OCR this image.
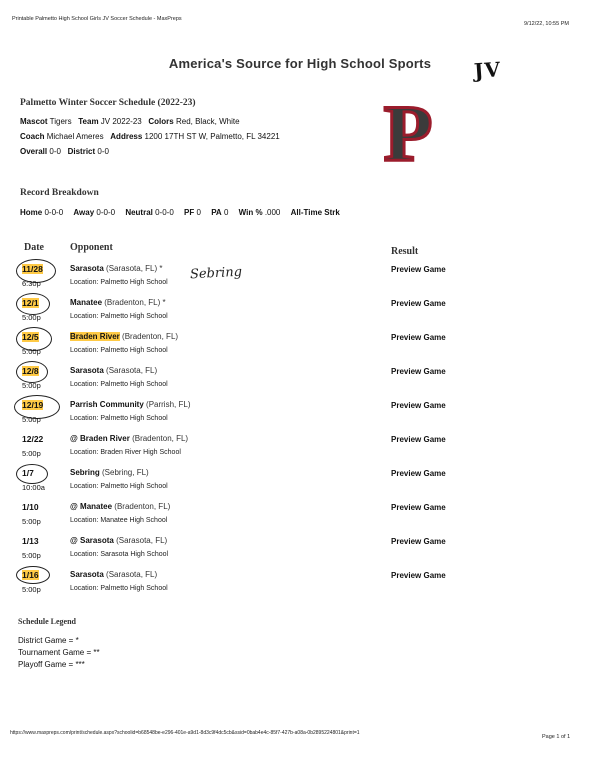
Printable Palmetto High School Girls JV Soccer Schedule - MaxPreps
9/12/22, 10:55 PM
America's Source for High School Sports	JV
Palmetto Winter Soccer Schedule (2022-23)
Mascot Tigers Team JV 2022-23 Colors Red, Black, White
Coach Michael Ameres Address 1200 17TH ST W, Palmetto, FL 34221
Overall 0-0 District 0-0	P
Record Breakdown
Home 0-0-0 Away 0-0-0 Neutral 0-0-0 PF 0 PA 0 Win % .000 All-Time Strk
Date	Opponent	Result
Sebring
11/28
6:30p
Sarasota (Sarasota, FL) *
Location: Palmetto High School
Preview Game
12/1
5:00p
Manatee (Bradenton, FL) *
Location: Palmetto High School
Preview Game
12/5
5:00p
Braden River (Bradenton, FL)
Location: Palmetto High School
Preview Game
12/8
5:00p
Sarasota (Sarasota, FL)
Location: Palmetto High School
Preview Game
12/19
5:00p
Parrish Community (Parrish, FL)
Location: Palmetto High School
Preview Game
12/22
5:00p
@ Braden River (Bradenton, FL)
Location: Braden River High School
Preview Game
1/7
10:00a
Sebring (Sebring, FL)
Location: Palmetto High School
Preview Game
1/10
5:00p
@ Manatee (Bradenton, FL)
Location: Manatee High School
Preview Game
1/13
5:00p
@ Sarasota (Sarasota, FL)
Location: Sarasota High School
Preview Game
1/16
5:00p
Sarasota (Sarasota, FL)
Location: Palmetto High School
Preview Game
Schedule Legend
District Game = *
Tournament Game = **
Playoff Game = ***
https://www.maxpreps.com/print/schedule.aspx?schoolid=b68548be-e296-401e-a9d1-8d3c9f4dc5cb&ssid=0bab4e4c-85f7-427b-a08a-0b2895224801&print=1
Page 1 of 1
